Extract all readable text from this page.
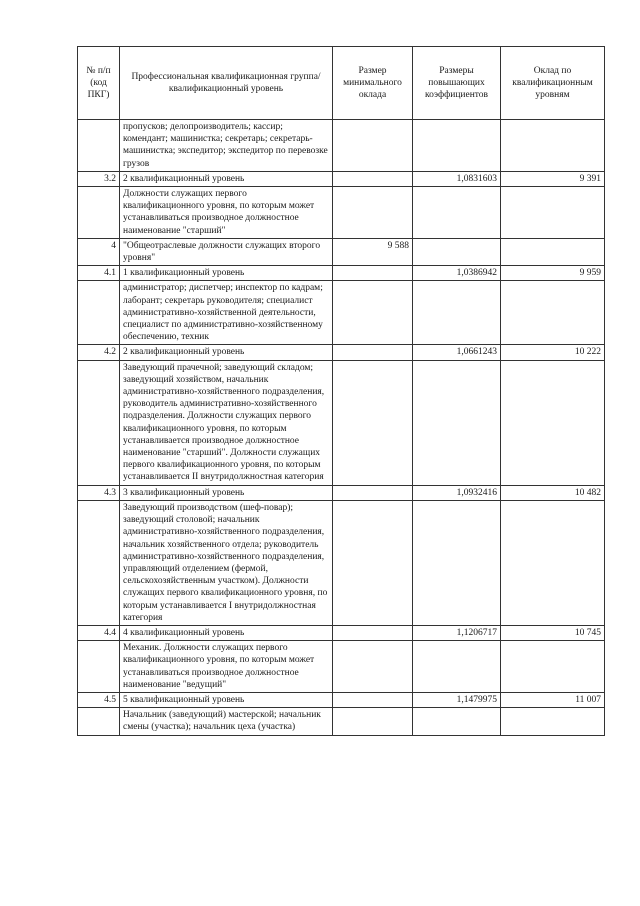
№ п/п (код ПКГ)	Профессиональная квалификационная группа/квалификационный уровень	Размер минимального оклада	Размеры повышающих коэффициентов	Оклад по квалификационным уровням
	пропусков; делопроизводитель; кассир; комендант; машинистка; секретарь; секретарь-машинистка; экспедитор; экспедитор по перевозке грузов			
3.2	2 квалификационный уровень		1,0831603	9 391
	Должности служащих первого квалификационного уровня, по которым может устанавливаться производное должностное наименование "старший"			
4	"Общеотраслевые должности служащих второго уровня"	9 588		
4.1	1 квалификационный уровень		1,0386942	9 959
	администратор; диспетчер; инспектор по кадрам; лаборант; секретарь руководителя; специалист административно-хозяйственной деятельности, специалист по административно-хозяйственному обеспечению, техник			
4.2	2 квалификационный уровень		1,0661243	10 222
	Заведующий прачечной; заведующий складом; заведующий хозяйством, начальник административно-хозяйственного подразделения, руководитель административно-хозяйственного подразделения. Должности служащих первого квалификационного уровня, по которым устанавливается производное должностное наименование "старший". Должности служащих первого квалификационного уровня, по которым устанавливается II внутридолжностная категория			
4.3	3 квалификационный уровень		1,0932416	10 482
	Заведующий производством (шеф-повар); заведующий столовой; начальник административно-хозяйственного подразделения, начальник хозяйственного отдела; руководитель административно-хозяйственного подразделения, управляющий отделением (фермой, сельскохозяйственным участком). Должности служащих первого квалификационного уровня, по которым устанавливается I внутридолжностная категория			
4.4	4 квалификационный уровень		1,1206717	10 745
	Механик. Должности служащих первого квалификационного уровня, по которым может устанавливаться производное должностное наименование "ведущий"			
4.5	5 квалификационный уровень		1,1479975	11 007
	Начальник (заведующий) мастерской; начальник смены (участка); начальник цеха (участка)			
